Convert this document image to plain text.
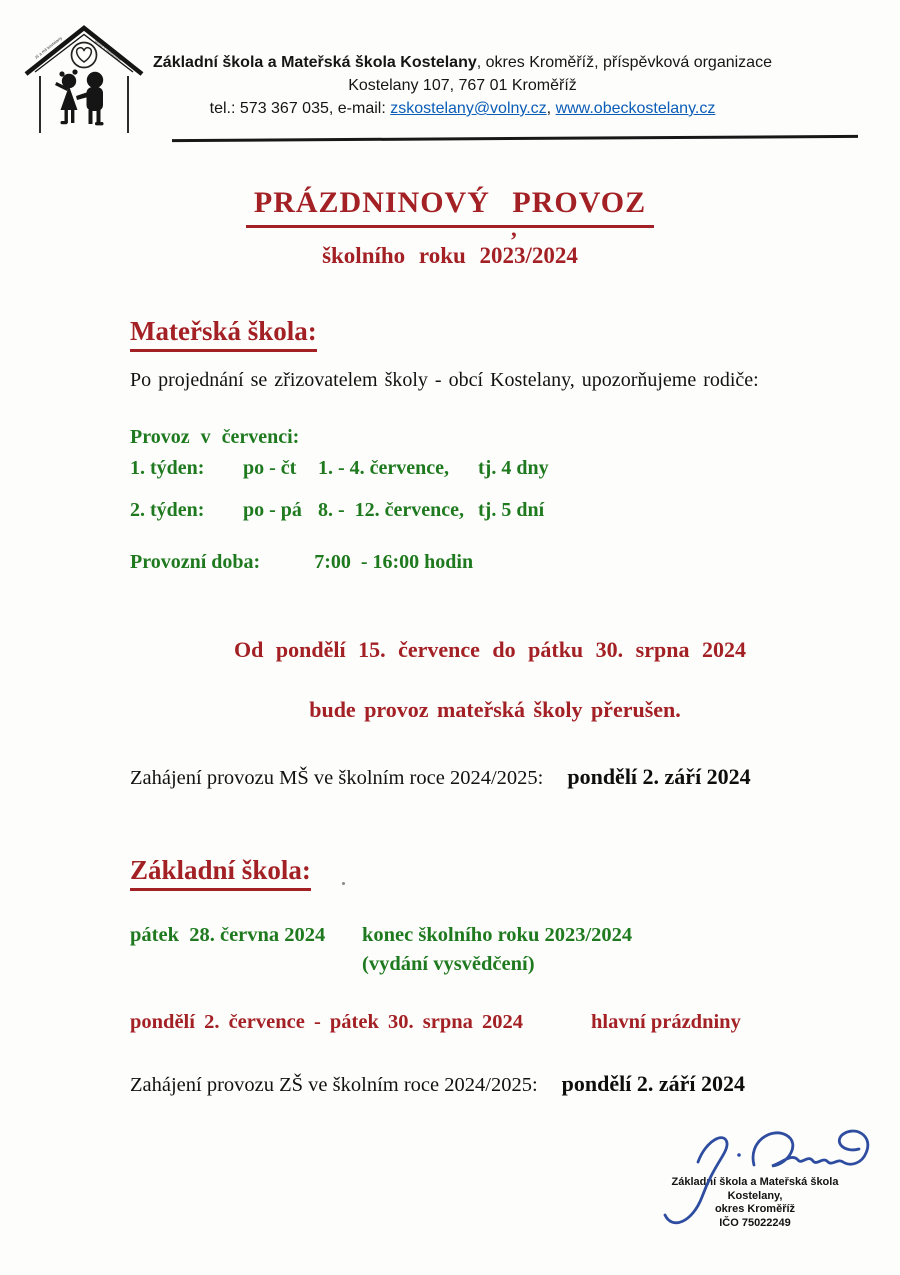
zš a mš kostelany	škola s úsměvem	Základní škola a Mateřská škola Kostelany, okres Kroměříž, příspěvková organizace
Kostelany 107, 767 01 Kroměříž
tel.: 573 367 035, e-mail: zskostelany@volny.cz, www.obeckostelany.cz
PRÁZDNINOVÝ PROVOZ
,
školního roku 2023/2024
Mateřská škola:
Po projednání se zřizovatelem školy - obcí Kostelany, upozorňujeme rodiče:
Provoz v červenci:
1. týden:	po - čt	1. - 4. července,	tj. 4 dny
2. týden:	po - pá 8. -  12. července, tj. 5 dní
Provozní doba:	7:00  - 16:00 hodin
Od pondělí 15. července do pátku 30. srpna 2024
bude provoz mateřská školy přerušen.
Zahájení provozu MŠ ve školním roce 2024/2025: pondělí 2. září 2024
Základní škola:
pátek  28. června 2024	konec školního roku 2023/2024
(vydání vysvědčení)
pondělí 2. července - pátek 30. srpna 2024	hlavní prázdniny
Zahájení provozu ZŠ ve školním roce 2024/2025: pondělí 2. září 2024
Základní škola a Mateřská škola Kostelany,
okres Kroměříž
IČO 75022249
